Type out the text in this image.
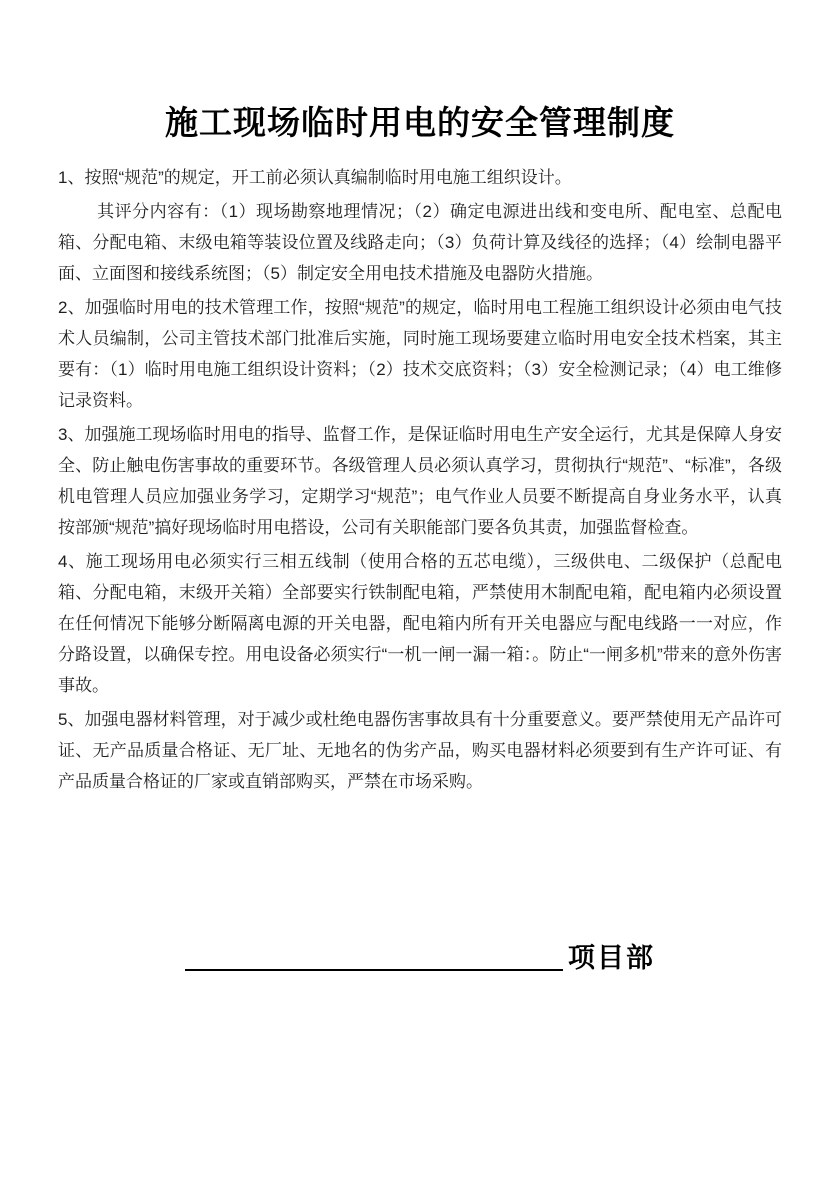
施工现场临时用电的安全管理制度

1、按照“规范”的规定，开工前必须认真编制临时用电施工组织设计。

其评分内容有：（1）现场勘察地理情况；（2）确定电源进出线和变电所、配电室、总配电箱、分配电箱、末级电箱等装设位置及线路走向；（3）负荷计算及线径的选择；（4）绘制电器平面、立面图和接线系统图；（5）制定安全用电技术措施及电器防火措施。

2、加强临时用电的技术管理工作，按照“规范”的规定，临时用电工程施工组织设计必须由电气技术人员编制，公司主管技术部门批准后实施，同时施工现场要建立临时用电安全技术档案，其主要有：（1）临时用电施工组织设计资料；（2）技术交底资料；（3）安全检测记录；（4）电工维修记录资料。

3、加强施工现场临时用电的指导、监督工作，是保证临时用电生产安全运行，尤其是保障人身安全、防止触电伤害事故的重要环节。各级管理人员必须认真学习，贯彻执行“规范”、“标准”，各级机电管理人员应加强业务学习，定期学习“规范”；电气作业人员要不断提高自身业务水平，认真按部颁“规范”搞好现场临时用电搭设，公司有关职能部门要各负其责，加强监督检查。

4、施工现场用电必须实行三相五线制（使用合格的五芯电缆），三级供电、二级保护（总配电箱、分配电箱，末级开关箱）全部要实行铁制配电箱，严禁使用木制配电箱，配电箱内必须设置在任何情况下能够分断隔离电源的开关电器，配电箱内所有开关电器应与配电线路一一对应，作分路设置，以确保专控。用电设备必须实行“一机一闸一漏一箱：。防止“一闸多机”带来的意外伤害事故。

5、加强电器材料管理，对于减少或杜绝电器伤害事故具有十分重要意义。要严禁使用无产品许可证、无产品质量合格证、无厂址、无地名的伪劣产品，购买电器材料必须要到有生产许可证、有产品质量合格证的厂家或直销部购买，严禁在市场采购。

项目部
